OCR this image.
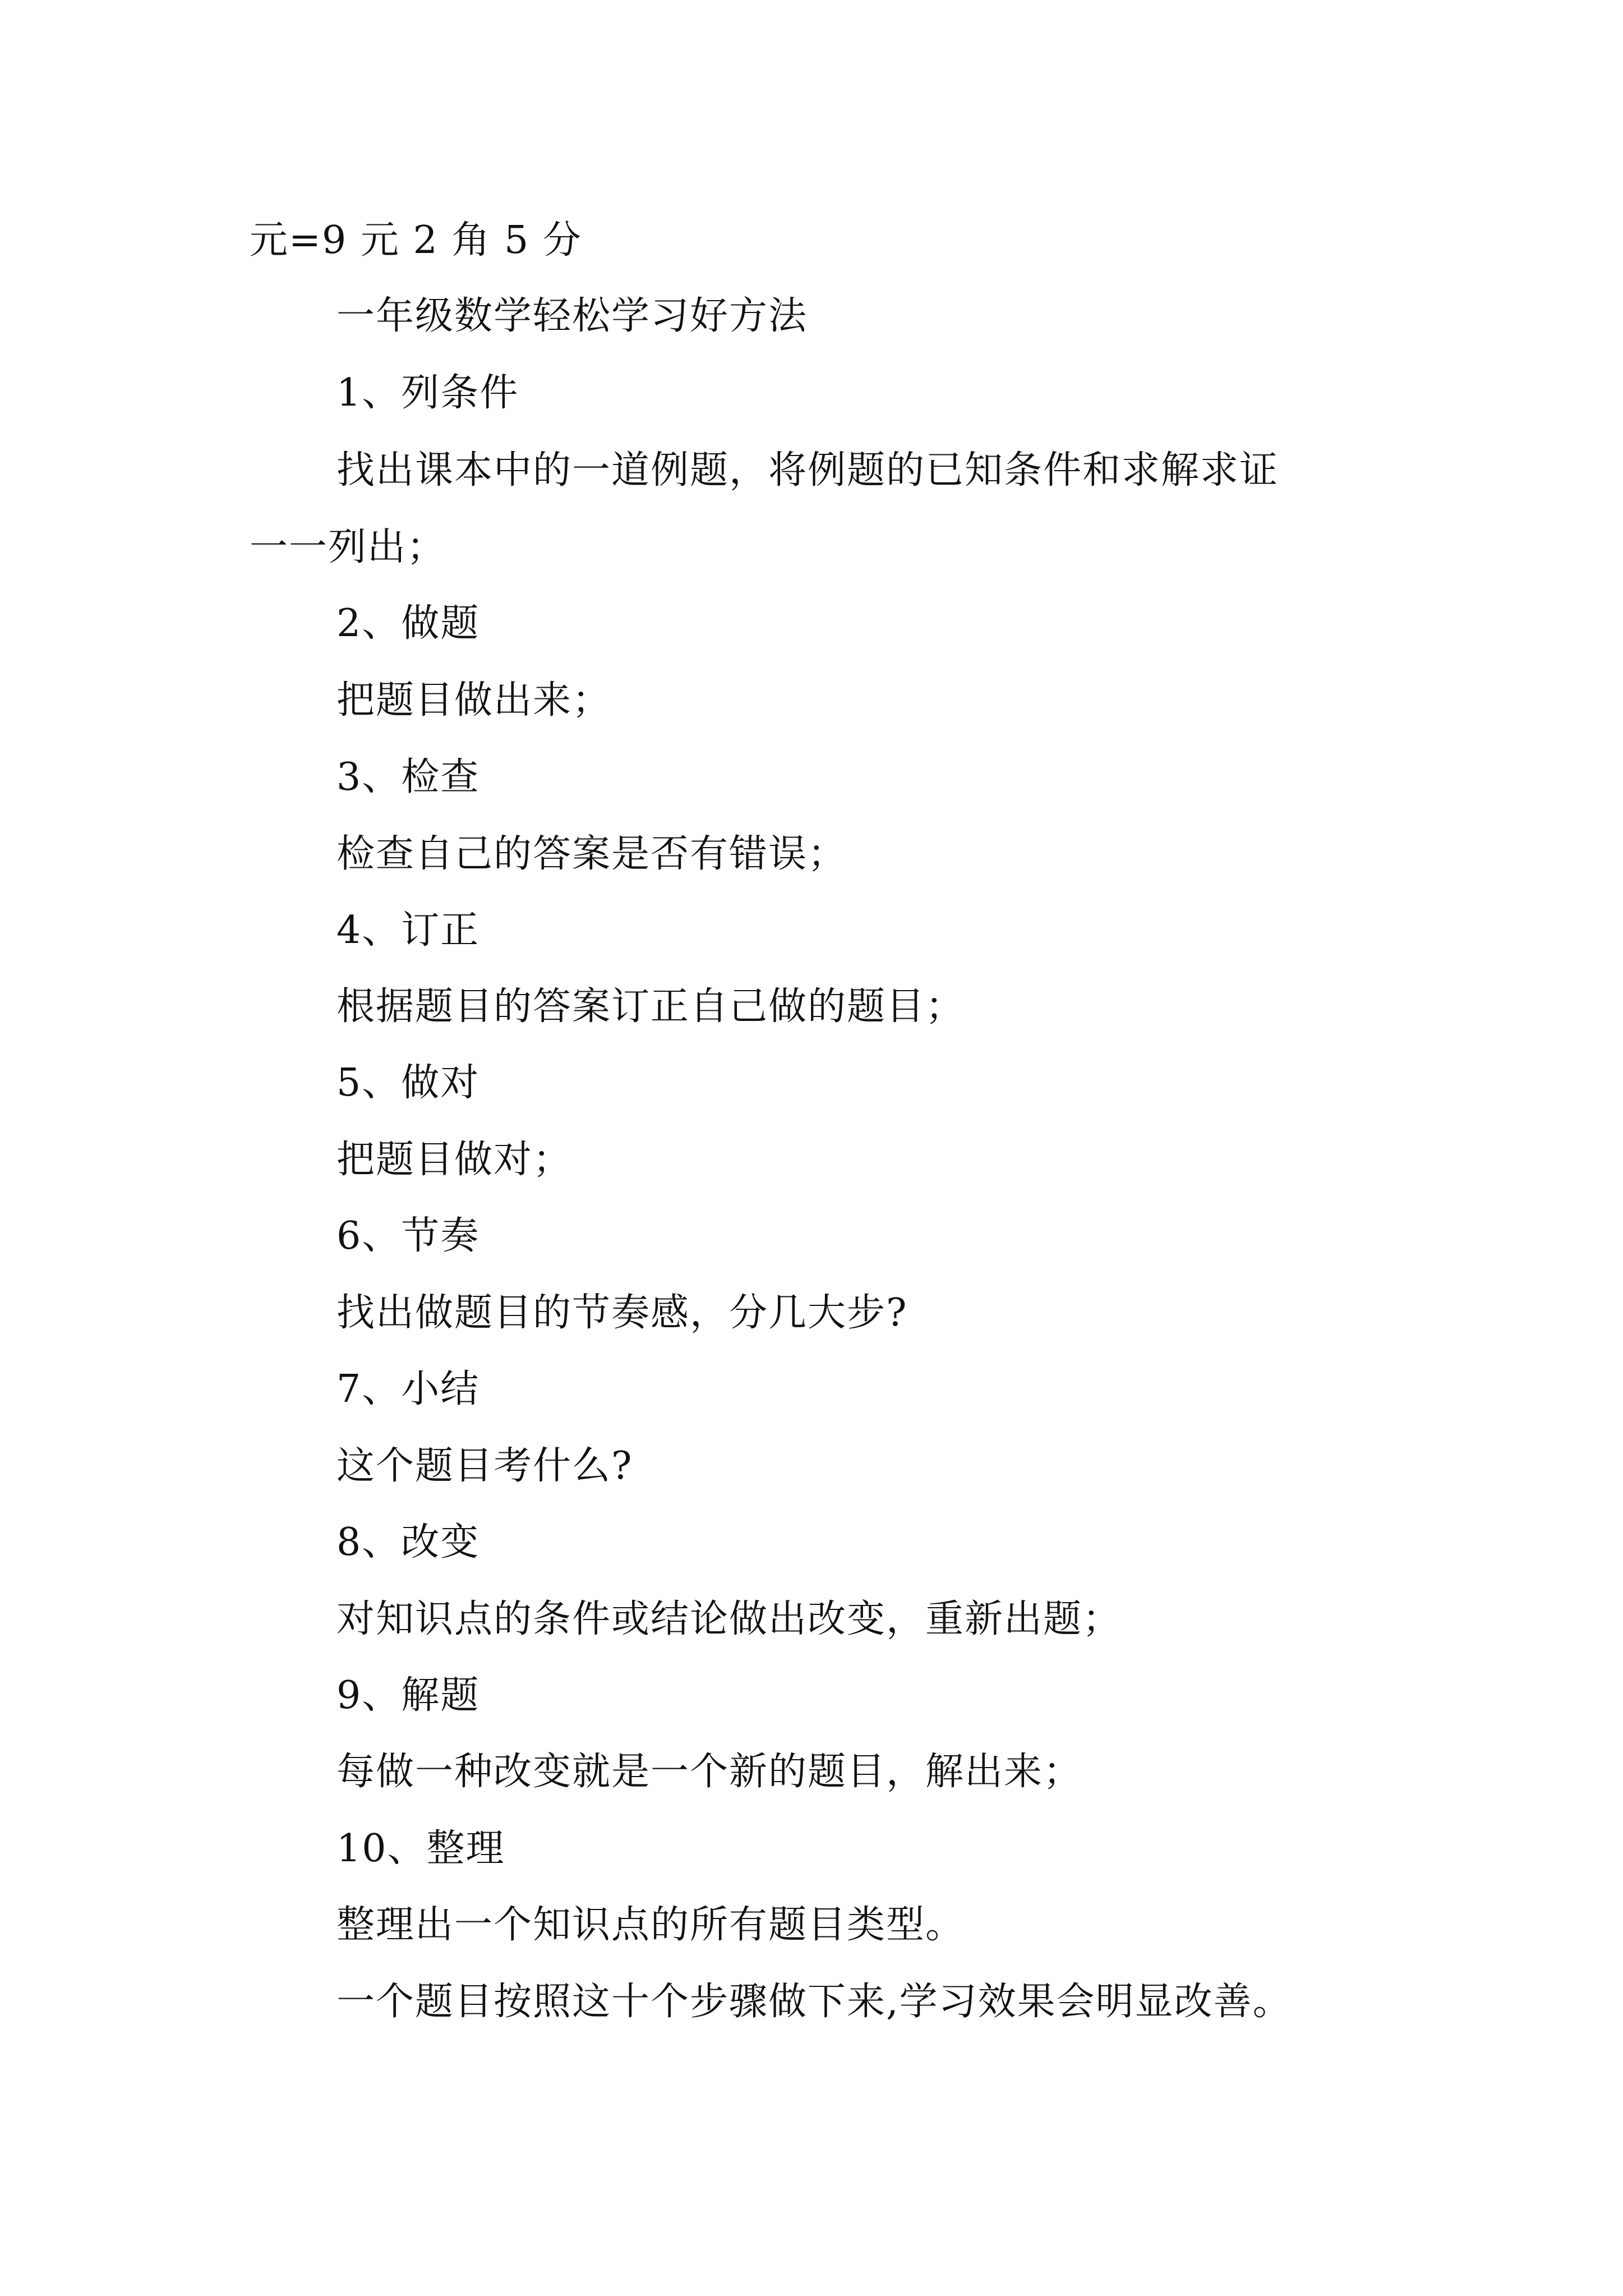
元=9 元 2 角 5 分
一年级数学轻松学习好方法
1、列条件
找出课本中的一道例题，将例题的已知条件和求解求证
一一列出；
2、做题
把题目做出来；
3、检查
检查自己的答案是否有错误；
4、订正
根据题目的答案订正自己做的题目；
5、做对
把题目做对；
6、节奏
找出做题目的节奏感，分几大步?
7、小结
这个题目考什么?
8、改变
对知识点的条件或结论做出改变，重新出题；
9、解题
每做一种改变就是一个新的题目，解出来；
10、整理
整理出一个知识点的所有题目类型。
一个题目按照这十个步骤做下来,学习效果会明显改善。
